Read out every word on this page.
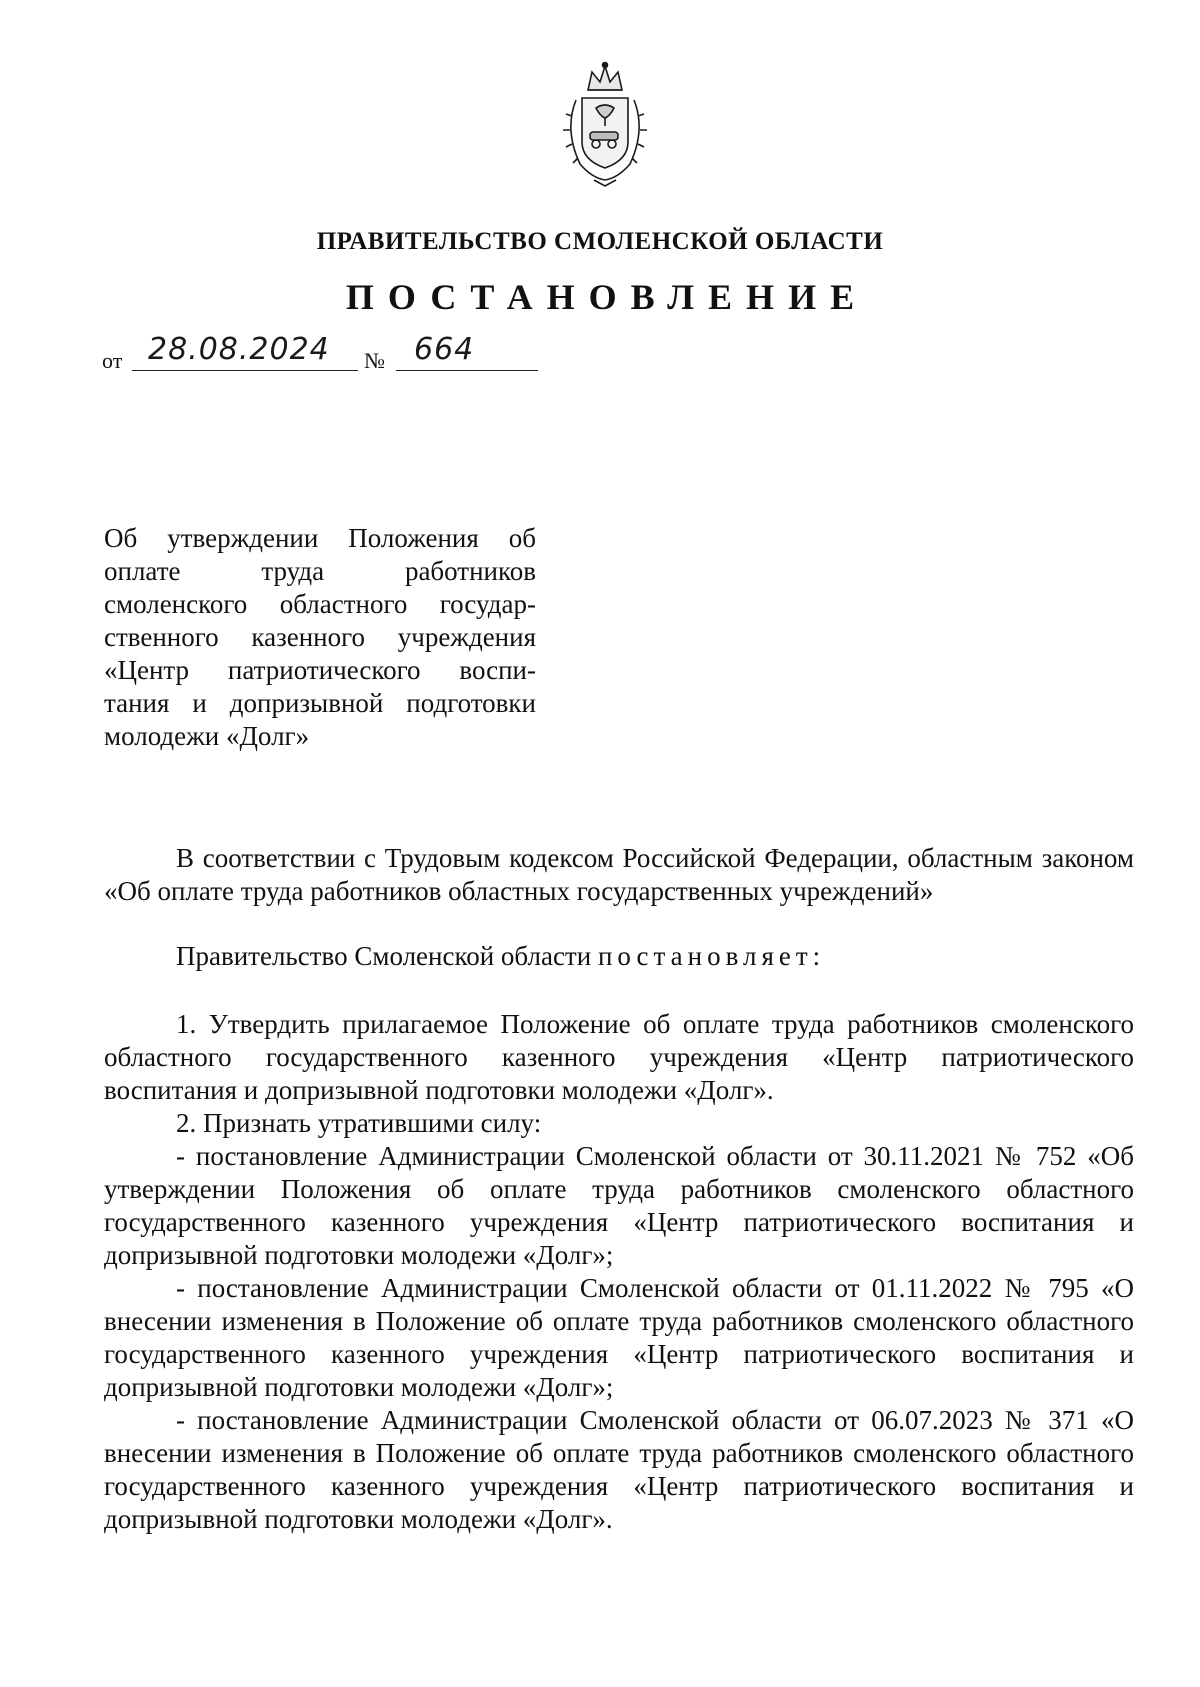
ПРАВИТЕЛЬСТВО СМОЛЕНСКОЙ ОБЛАСТИ
ПОСТАНОВЛЕНИЕ
от 28.08.2024 № 664
Об утверждении Положения об
оплате труда работников
смоленского областного государ-
ственного казенного учреждения
«Центр патриотического воспи-
тания и допризывной подготовки
молодежи «Долг»

В соответствии с Трудовым кодексом Российской Федерации, областным законом «Об оплате труда работников областных государственных учреждений»

Правительство Смоленской области постановляет:

1. Утвердить прилагаемое Положение об оплате труда работников смоленского областного государственного казенного учреждения «Центр патриотического воспитания и допризывной подготовки молодежи «Долг».

2. Признать утратившими силу:

- постановление Администрации Смоленской области от 30.11.2021 № 752 «Об утверждении Положения об оплате труда работников смоленского областного государственного казенного учреждения «Центр патриотического воспитания и допризывной подготовки молодежи «Долг»;

- постановление Администрации Смоленской области от 01.11.2022 № 795 «О внесении изменения в Положение об оплате труда работников смоленского областного государственного казенного учреждения «Центр патриотического воспитания и допризывной подготовки молодежи «Долг»;

- постановление Администрации Смоленской области от 06.07.2023 № 371 «О внесении изменения в Положение об оплате труда работников смоленского областного государственного казенного учреждения «Центр патриотического воспитания и допризывной подготовки молодежи «Долг».
